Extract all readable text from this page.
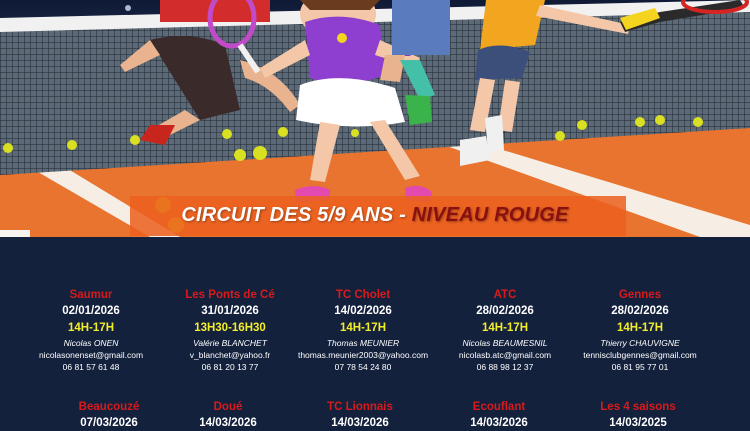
CIRCUIT DES 5/9 ANS - NIVEAU ROUGE
Saumur
02/01/2026
14H-17H
Nicolas ONEN
nicolasonenset@gmail.com
06 81 57 61 48
Les Ponts de Cé
31/01/2026
13H30-16H30
Valérie BLANCHET
v_blanchet@yahoo.fr
06 81 20 13 77
TC Cholet
14/02/2026
14H-17H
Thomas MEUNIER
thomas.meunier2003@yahoo.com
07 78 54 24 80
ATC
28/02/2026
14H-17H
Nicolas BEAUMESNIL
nicolasb.atc@gmail.com
06 88 98 12 37
Gennes
28/02/2026
14H-17H
Thierry CHAUVIGNE
tennisclubgennes@gmail.com
06 81 95 77 01
Beaucouzé
07/03/2026
Doué
14/03/2026
TC Lionnais
14/03/2026
Ecouflant
14/03/2026
Les 4 saisons
14/03/2025
